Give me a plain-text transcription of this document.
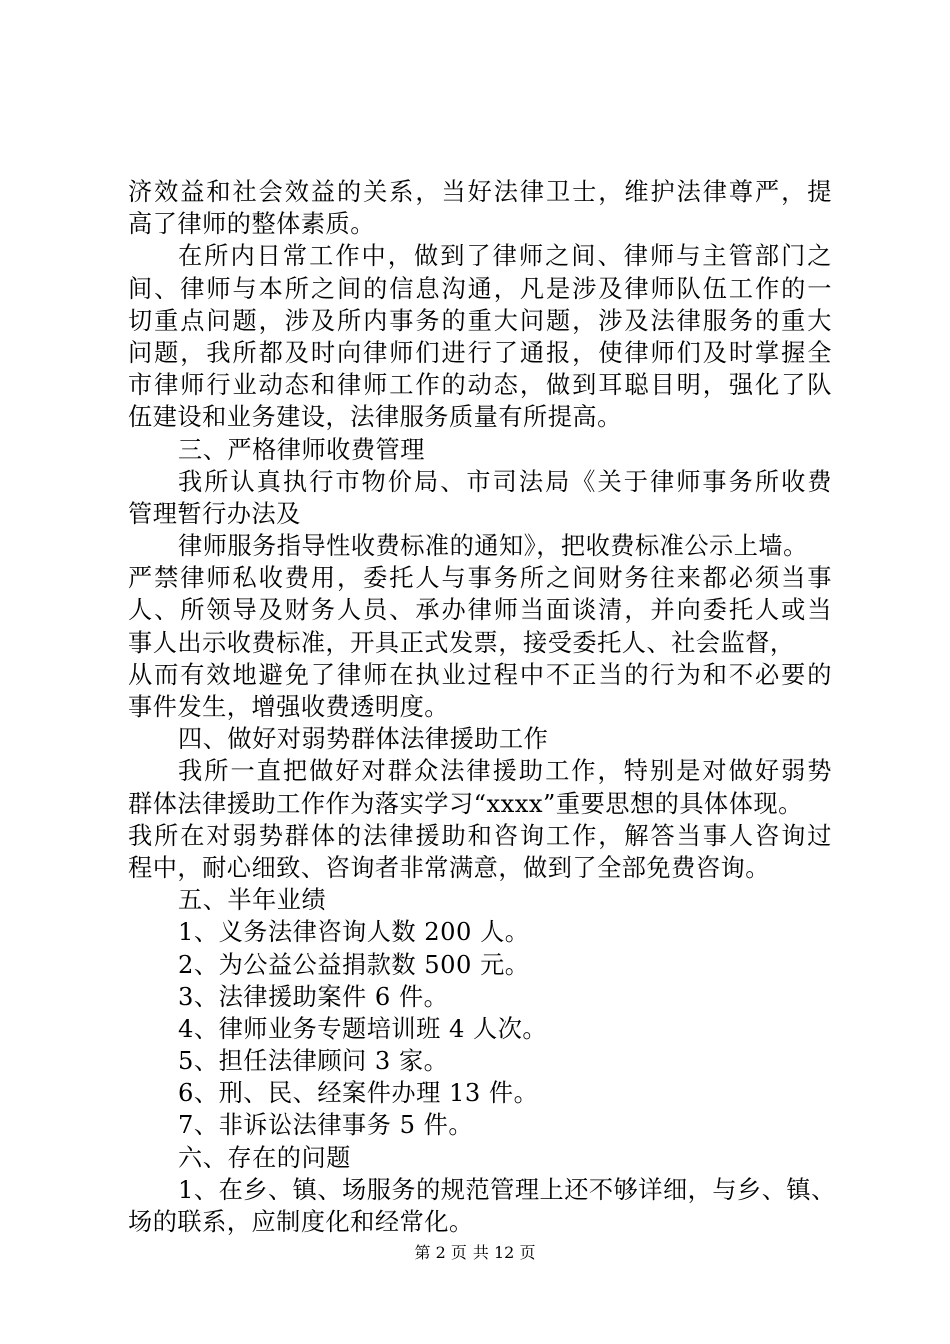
济效益和社会效益的关系，当好法律卫士，维护法律尊严，提
高了律师的整体素质。
在所内日常工作中，做到了律师之间、律师与主管部门之
间、律师与本所之间的信息沟通，凡是涉及律师队伍工作的一
切重点问题，涉及所内事务的重大问题，涉及法律服务的重大
问题，我所都及时向律师们进行了通报，使律师们及时掌握全
市律师行业动态和律师工作的动态，做到耳聪目明，强化了队
伍建设和业务建设，法律服务质量有所提高。
三、严格律师收费管理
我所认真执行市物价局、市司法局《关于律师事务所收费
管理暂行办法及
律师服务指导性收费标准的通知》，把收费标准公示上墙。
严禁律师私收费用，委托人与事务所之间财务往来都必须当事
人、所领导及财务人员、承办律师当面谈清，并向委托人或当
事人出示收费标准，开具正式发票，接受委托人、社会监督，
从而有效地避免了律师在执业过程中不正当的行为和不必要的
事件发生，增强收费透明度。
四、做好对弱势群体法律援助工作
我所一直把做好对群众法律援助工作，特别是对做好弱势
群体法律援助工作作为落实学习“xxxx”重要思想的具体体现。
我所在对弱势群体的法律援助和咨询工作，解答当事人咨询过
程中，耐心细致、咨询者非常满意，做到了全部免费咨询。
五、半年业绩
1、义务法律咨询人数 200 人。
2、为公益公益捐款数 500 元。
3、法律援助案件 6 件。
4、律师业务专题培训班 4 人次。
5、担任法律顾问 3 家。
6、刑、民、经案件办理 13 件。
7、非诉讼法律事务 5 件。
六、存在的问题
1、在乡、镇、场服务的规范管理上还不够详细，与乡、镇、
场的联系，应制度化和经常化。
第 2 页 共 12 页
